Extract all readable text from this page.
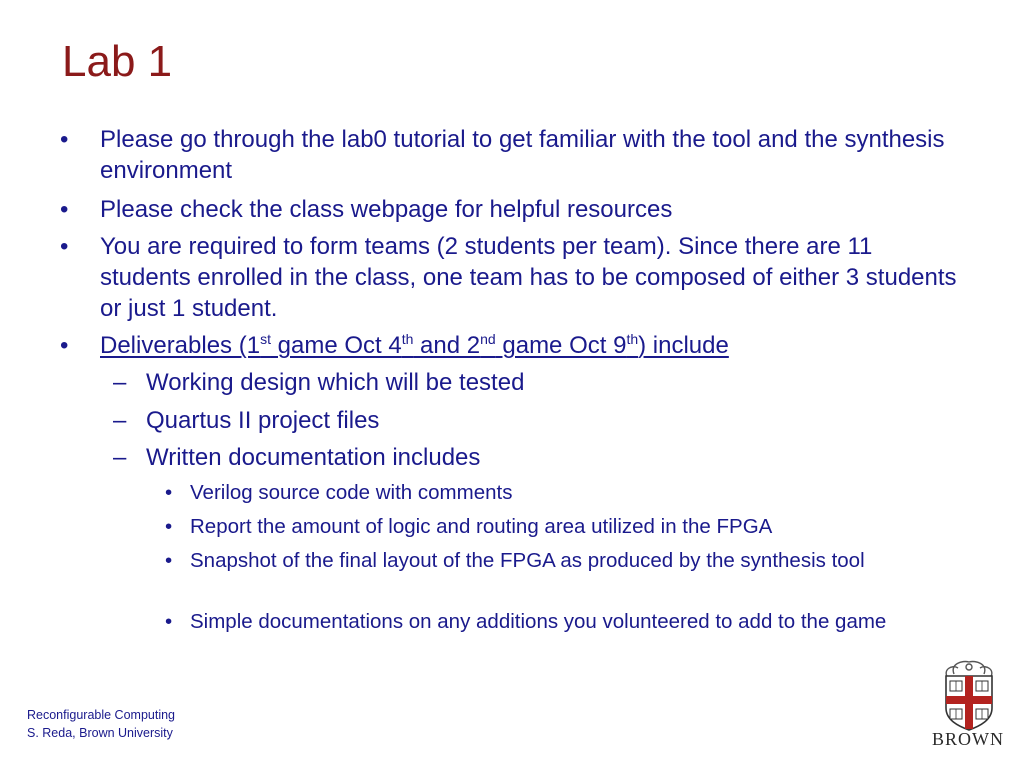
Lab 1
• Please go through the lab0 tutorial to get familiar with the tool and the synthesis environment
• Please check the class webpage for helpful resources
• You are required to form teams (2 students per team). Since there are 11 students enrolled in the class, one team has to be composed of either 3 students or just 1 student.
• Deliverables (1st game Oct 4th and 2nd game Oct 9th) include
– Working design which will be tested
– Quartus II project files
– Written documentation includes
• Verilog source code with comments
• Report the amount of logic and routing area utilized in the FPGA
• Snapshot of the final layout of the FPGA as produced by the synthesis tool
• Simple documentations on any additions you volunteered to add to the game
Reconfigurable Computing
S. Reda, Brown University	BROWN
